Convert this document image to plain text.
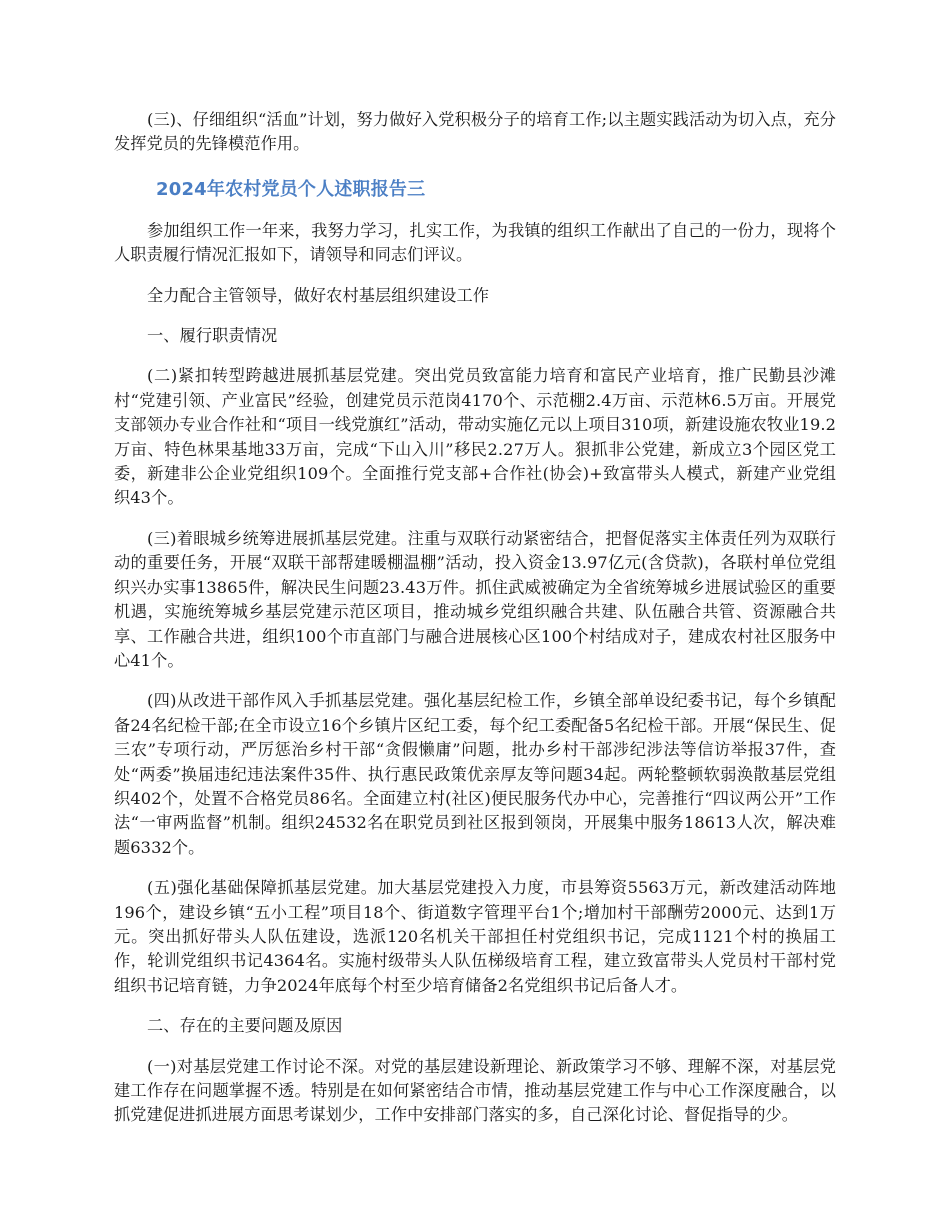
(三)、仔细组织“活血”计划，努力做好入党积极分子的培育工作;以主题实践活动为切入点，充分发挥党员的先锋模范作用。

2024年农村党员个人述职报告三

参加组织工作一年来，我努力学习，扎实工作，为我镇的组织工作献出了自己的一份力，现将个人职责履行情况汇报如下，请领导和同志们评议。

全力配合主管领导，做好农村基层组织建设工作

一、履行职责情况

(二)紧扣转型跨越进展抓基层党建。突出党员致富能力培育和富民产业培育，推广民勤县沙滩村“党建引领、产业富民”经验，创建党员示范岗4170个、示范棚2.4万亩、示范林6.5万亩。开展党支部领办专业合作社和“项目一线党旗红”活动，带动实施亿元以上项目310项，新建设施农牧业19.2万亩、特色林果基地33万亩，完成“下山入川”移民2.27万人。狠抓非公党建，新成立3个园区党工委，新建非公企业党组织109个。全面推行党支部+合作社(协会)+致富带头人模式，新建产业党组织43个。

(三)着眼城乡统筹进展抓基层党建。注重与双联行动紧密结合，把督促落实主体责任列为双联行动的重要任务，开展“双联干部帮建暖棚温棚”活动，投入资金13.97亿元(含贷款)，各联村单位党组织兴办实事13865件，解决民生问题23.43万件。抓住武威被确定为全省统筹城乡进展试验区的重要机遇，实施统筹城乡基层党建示范区项目，推动城乡党组织融合共建、队伍融合共管、资源融合共享、工作融合共进，组织100个市直部门与融合进展核心区100个村结成对子，建成农村社区服务中心41个。

(四)从改进干部作风入手抓基层党建。强化基层纪检工作，乡镇全部单设纪委书记，每个乡镇配备24名纪检干部;在全市设立16个乡镇片区纪工委，每个纪工委配备5名纪检干部。开展“保民生、促三农”专项行动，严厉惩治乡村干部“贪假懒庸”问题，批办乡村干部涉纪涉法等信访举报37件，查处“两委”换届违纪违法案件35件、执行惠民政策优亲厚友等问题34起。两轮整顿软弱涣散基层党组织402个，处置不合格党员86名。全面建立村(社区)便民服务代办中心，完善推行“四议两公开”工作法“一审两监督”机制。组织24532名在职党员到社区报到领岗，开展集中服务18613人次，解决难题6332个。

(五)强化基础保障抓基层党建。加大基层党建投入力度，市县筹资5563万元，新改建活动阵地196个，建设乡镇“五小工程”项目18个、街道数字管理平台1个;增加村干部酬劳2000元、达到1万元。突出抓好带头人队伍建设，选派120名机关干部担任村党组织书记，完成1121个村的换届工作，轮训党组织书记4364名。实施村级带头人队伍梯级培育工程，建立致富带头人党员村干部村党组织书记培育链，力争2024年底每个村至少培育储备2名党组织书记后备人才。

二、存在的主要问题及原因

(一)对基层党建工作讨论不深。对党的基层建设新理论、新政策学习不够、理解不深，对基层党建工作存在问题掌握不透。特别是在如何紧密结合市情，推动基层党建工作与中心工作深度融合，以抓党建促进抓进展方面思考谋划少，工作中安排部门落实的多，自己深化讨论、督促指导的少。
